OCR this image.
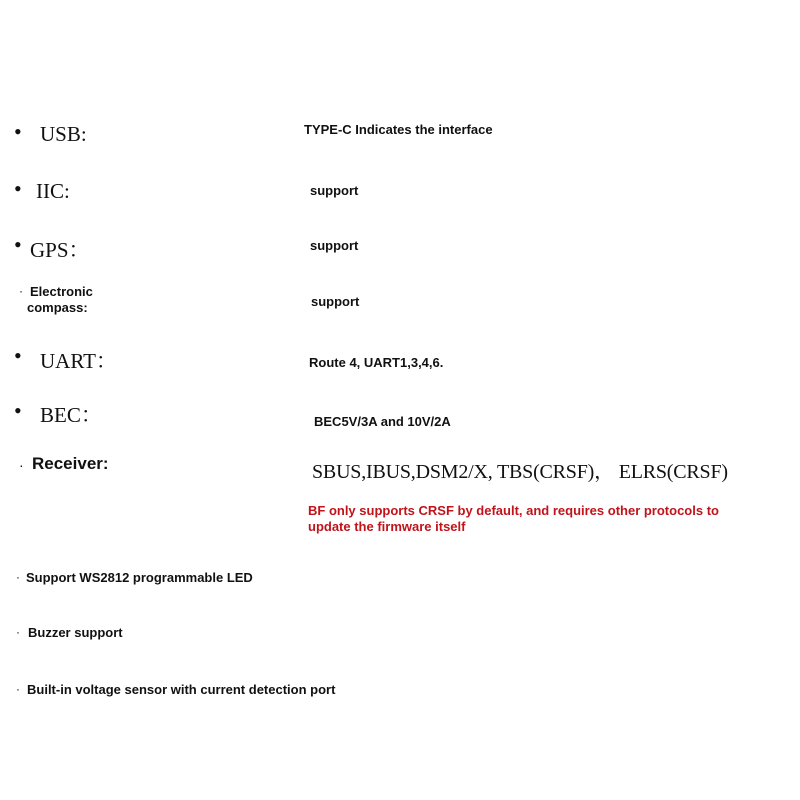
• USB:	TYPE-C Indicates the interface
• IIC:	support
• GPS：	support
· Electronic
compass:	support
• UART：	Route 4, UART1,3,4,6.
• BEC：	BEC5V/3A and 10V/2A
· Receiver:	SBUS,IBUS,DSM2/X, TBS(CRSF)， ELRS(CRSF)
BF only supports CRSF by default, and requires other protocols to
update the firmware itself
· Support WS2812 programmable LED
· Buzzer support
· Built-in voltage sensor with current detection port
